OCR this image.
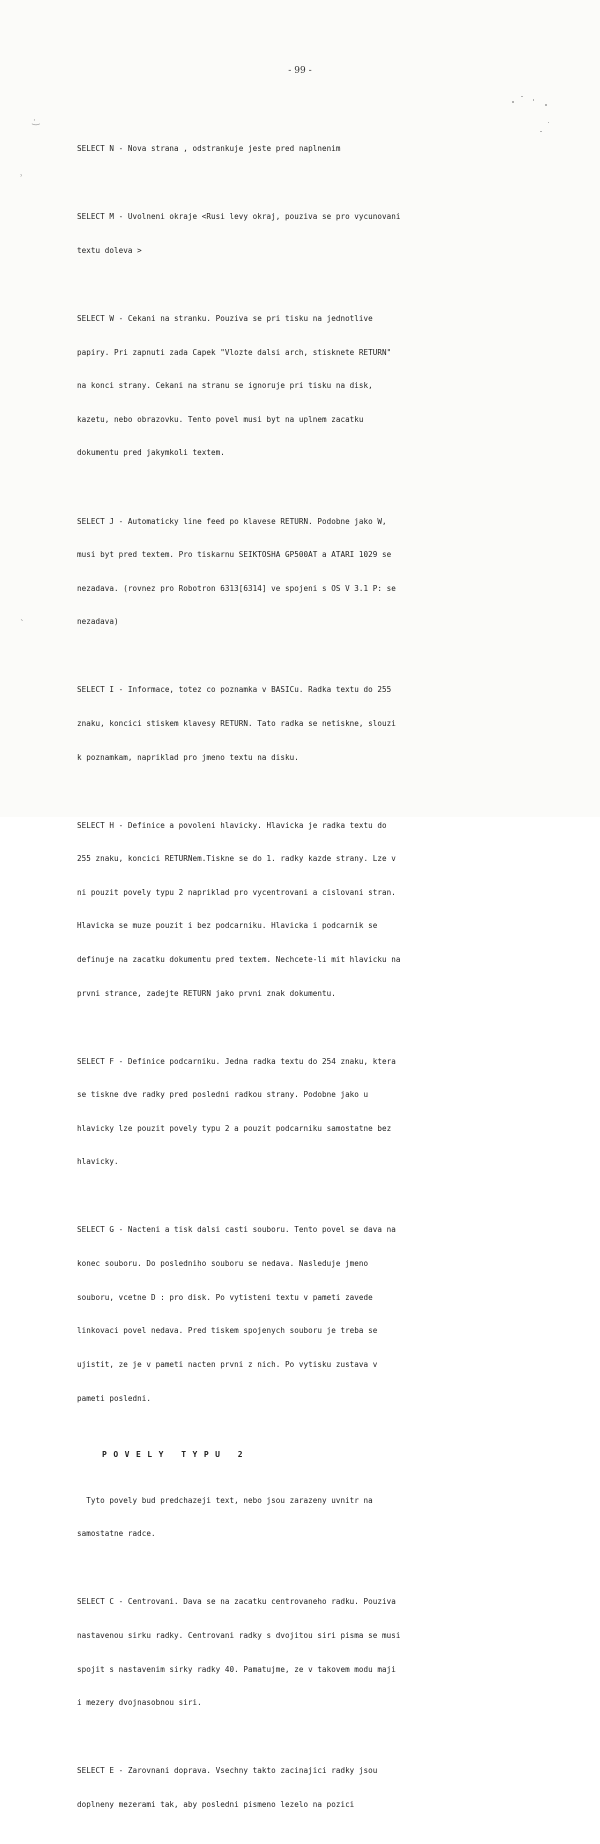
- 99 -
·͜
ʾ
ˎ

SELECT N - Nova strana , odstrankuje jeste pred naplnenim

SELECT M - Uvolneni okraje <Rusi levy okraj, pouziva se pro vycunovani

textu doleva >

SELECT W - Cekani na stranku. Pouziva se pri tisku na jednotlive

papiry. Pri zapnuti zada Capek "Vlozte dalsi arch, stisknete RETURN"

na konci strany. Cekani na stranu se ignoruje pri tisku na disk,

kazetu, nebo obrazovku. Tento povel musi byt na uplnem zacatku

dokumentu pred jakymkoli textem.

SELECT J - Automaticky line feed po klavese RETURN. Podobne jako W,

musi byt pred textem. Pro tiskarnu SEIKTOSHA GP500AT a ATARI 1029 se

nezadava. (rovnez pro Robotron 6313[6314] ve spojeni s OS V 3.1 P: se

nezadava)

SELECT I - Informace, totez co poznamka v BASICu. Radka textu do 255

znaku, koncici stiskem klavesy RETURN. Tato radka se netiskne, slouzi

k poznamkam, napriklad pro jmeno textu na disku.

SELECT H - Definice a povoleni hlavicky. Hlavicka je radka textu do

255 znaku, koncici RETURNem.Tiskne se do 1. radky kazde strany. Lze v

ni pouzit povely typu 2 napriklad pro vycentrovani a cislovani stran.

Hlavicka se muze pouzit i bez podcarniku. Hlavicka i podcarnik se

definuje na zacatku dokumentu pred textem. Nechcete-li mit hlavicku na

prvni strance, zadejte RETURN jako prvni znak dokumentu.

SELECT F - Definice podcarniku. Jedna radka textu do 254 znaku, ktera

se tiskne dve radky pred posledni radkou strany. Podobne jako u

hlavicky lze pouzit povely typu 2 a pouzit podcarniku samostatne bez

hlavicky.

SELECT G - Nacteni a tisk dalsi casti souboru. Tento povel se dava na

konec souboru. Do posledniho souboru se nedava. Nasleduje jmeno

souboru, vcetne D : pro disk. Po vytisteni textu v pameti zavede

linkovaci povel nedava. Pred tiskem spojenych souboru je treba se

ujistit, ze je v pameti nacten prvni z nich. Po vytisku zustava v

pameti posledni.

POVELY TYPU 2

Tyto povely bud predchazeji text, nebo jsou zarazeny uvnitr na

samostatne radce.

SELECT C - Centrovani. Dava se na zacatku centrovaneho radku. Pouziva

nastavenou sirku radky. Centrovani radky s dvojitou siri pisma se musi

spojit s nastavenim sirky radky 40. Pamatujme, ze v takovem modu maji

i mezery dvojnasobnou siri.

SELECT E - Zarovnani doprava. Vsechny takto zacinajici radky jsou

doplneny mezerami tak, aby posledni pismeno lezelo na pozici
